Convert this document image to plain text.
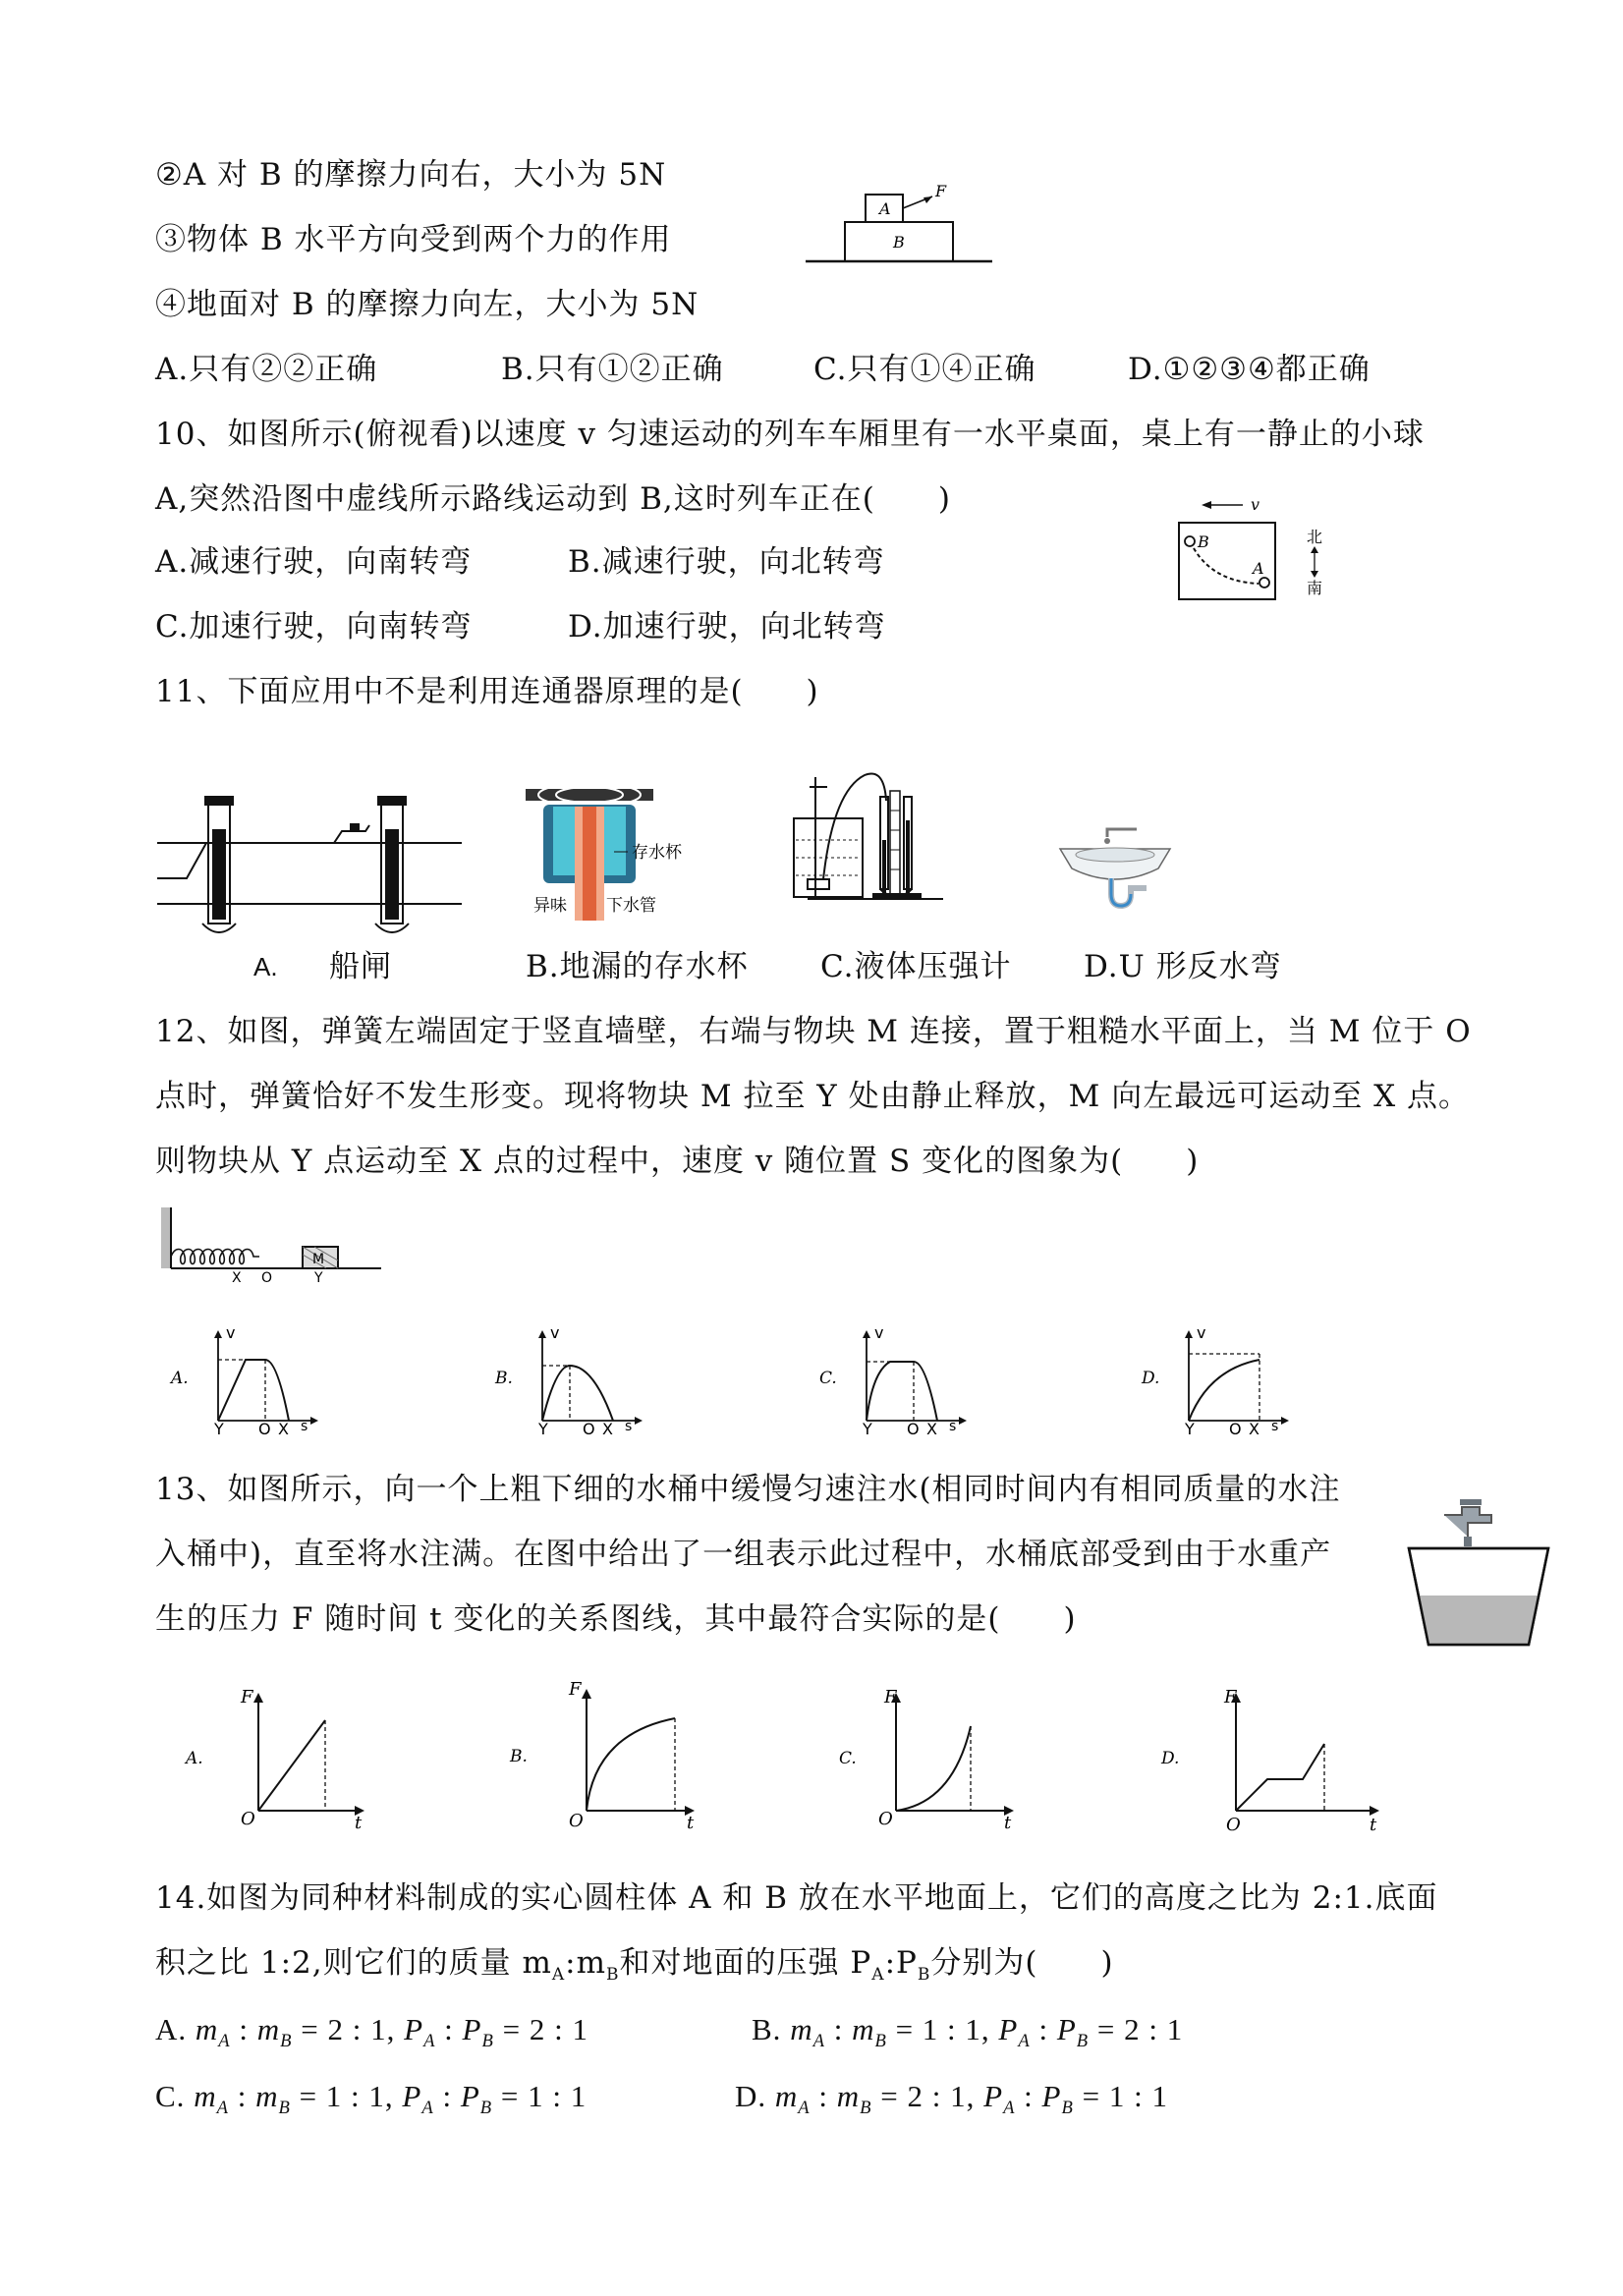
②A 对 B 的摩擦力向右，大小为 5N
③物体 B 水平方向受到两个力的作用
④地面对 B 的摩擦力向左，大小为 5N
A
B
F
A.只有②②正确	B.只有①②正确	C.只有①④正确	D.①②③④都正确
10、如图所示(俯视看)以速度 v 匀速运动的列车车厢里有一水平桌面，桌上有一静止的小球
A,突然沿图中虚线所示路线运动到 B,这时列车正在(　　)
A.减速行驶，向南转弯	B.减速行驶，向北转弯
C.加速行驶，向南转弯	D.加速行驶，向北转弯
v
B
A
北
南
11、下面应用中不是利用连通器原理的是(　　)
存水杯
异味 下水管
A. 船闸	B.地漏的存水杯 C.液体压强计 D.U 形反水弯
12、如图，弹簧左端固定于竖直墙壁，右端与物块 M 连接，置于粗糙水平面上，当 M 位于 O
点时，弹簧恰好不发生形变。现将物块 M 拉至 Y 处由静止释放，M 向左最远可运动至 X 点。
则物块从 Y 点运动至 X 点的过程中，速度 v 随位置 S 变化的图象为(　　)
M
X O	Y
A.
v
Y O X s
B.
v
Y O X s
C.
v
Y O X s
D.
v
Y O X s
13、如图所示，向一个上粗下细的水桶中缓慢匀速注水(相同时间内有相同质量的水注
入桶中)，直至将水注满。在图中给出了一组表示此过程中，水桶底部受到由于水重产
生的压力 F 随时间 t 变化的关系图线，其中最符合实际的是(　　)
A.
F
O	t
B.
F
O	t
C.
F
O	t
D.
F
O	t
14.如图为同种材料制成的实心圆柱体 A 和 B 放在水平地面上，它们的高度之比为 2:1.底面
积之比 1:2,则它们的质量 $m_A:m_B$和对地面的压强 $P_A:P_B$分别为(　　)
A. $m_A$ : $m_B = 2$ : 1, $P_A$ : $P_B = 2$ : 1	B. $m_A$ : $m_B = 1$ : 1, $P_A$ : $P_B = 2$ : 1
C. $m_A$ : $m_B = 1$ : 1, $P_A$ : $P_B = 1$ : 1	D. $m_A$ : $m_B = 2$ : 1, $P_A$ : $P_B = 1$ : 1
